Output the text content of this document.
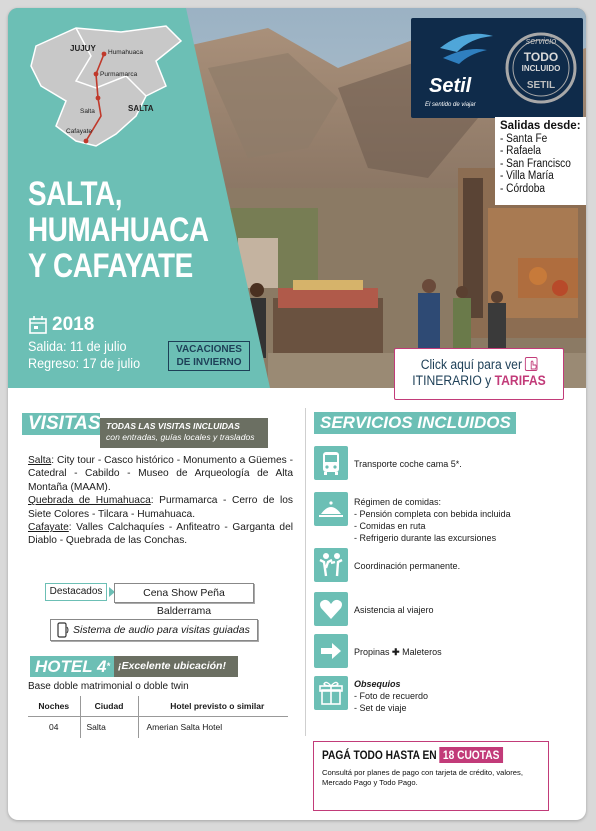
JUJUY
SALTA
Humahuaca
Purmamarca
Salta
Cafayate
SALTA,
HUMAHUACA
Y CAFAYATE
2018
Salida: 11 de julio
Regreso: 17 de julio
VACACIONES
DE INVIERNO
Setil
El sentido de viajar
servicio
TODO
INCLUIDO
SETIL
Salidas desde:
- Santa Fe
- Rafaela
- San Francisco
- Villa María
- Córdoba
Click aquí para ver
ITINERARIO y TARIFAS
VISITAS TODAS LAS VISITAS INCLUIDAS
con entradas, guías locales y traslados

Salta: City tour - Casco histórico - Monumento a Güemes - Catedral - Cabildo - Museo de Arqueología de Alta Montaña (MAAM).

Quebrada de Humahuaca: Purmamarca - Cerro de los Siete Colores - Tilcara - Humahuaca.

Cafayate: Valles Calchaquíes - Anfiteatro - Garganta del Diablo - Quebrada de las Conchas.

Destacados	Cena Show Peña Balderrama
Sistema de audio para visitas guiadas
HOTEL 4* ¡Excelente ubicación!
Base doble matrimonial o doble twin
Noches	Ciudad	Hotel previsto o similar
04	Salta	Amerian Salta Hotel
SERVICIOS INCLUIDOS
Transporte coche cama 5*.
Régimen de comidas:
- Pensión completa con bebida incluida
- Comidas en ruta
- Refrigerio durante las excursiones
Coordinación permanente.
Asistencia al viajero
Propinas ✚ Maleteros
Obsequios
- Foto de recuerdo
- Set de viaje
PAGÁ TODO HASTA EN 18 CUOTAS
Consultá por planes de pago con tarjeta de crédito, valores, Mercado Pago y Todo Pago.
